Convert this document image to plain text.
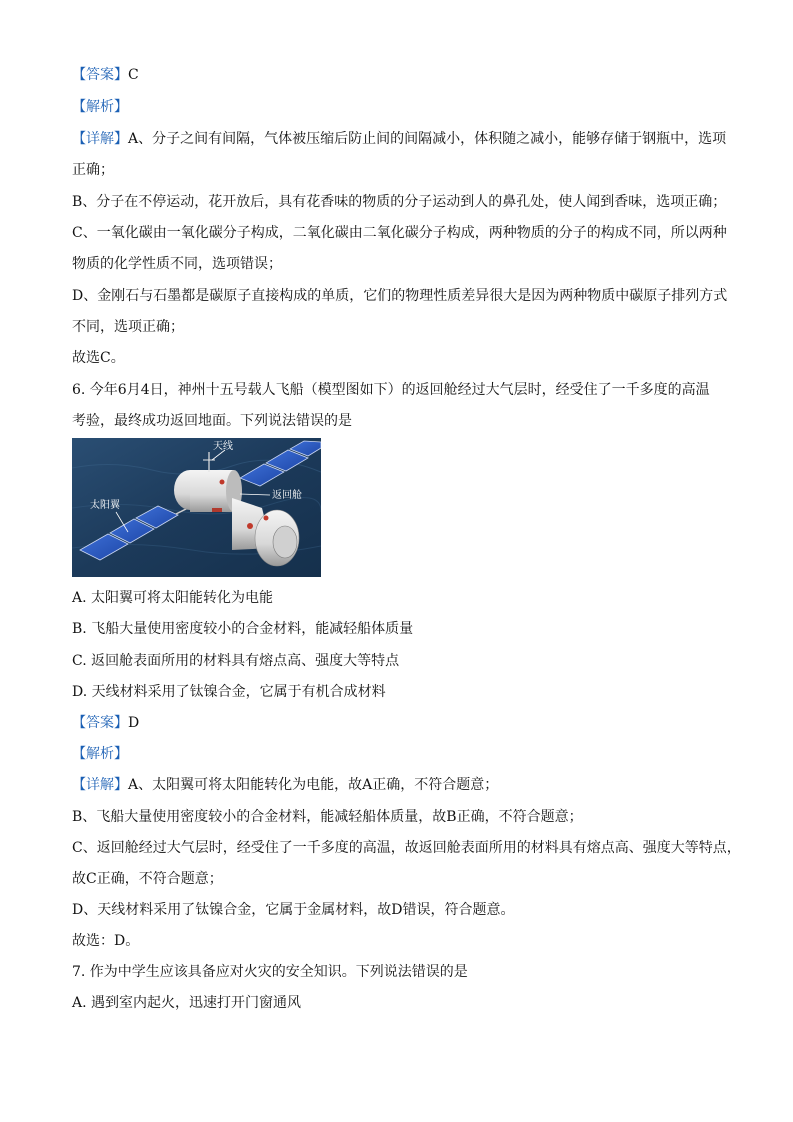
【答案】C
【解析】
【详解】A、分子之间有间隔，气体被压缩后防止间的间隔减小，体积随之减小，能够存储于钢瓶中，选项
正确；
B、分子在不停运动，花开放后，具有花香味的物质的分子运动到人的鼻孔处，使人闻到香味，选项正确；
C、一氧化碳由一氧化碳分子构成，二氧化碳由二氧化碳分子构成，两种物质的分子的构成不同，所以两种
物质的化学性质不同，选项错误；
D、金刚石与石墨都是碳原子直接构成的单质，它们的物理性质差异很大是因为两种物质中碳原子排列方式
不同，选项正确；
故选C。
6. 今年6月4日，神州十五号载人飞船（模型图如下）的返回舱经过大气层时，经受住了一千多度的高温
考验，最终成功返回地面。下列说法错误的是
天线
返回舱
太阳翼
A. 太阳翼可将太阳能转化为电能
B. 飞船大量使用密度较小的合金材料，能减轻船体质量
C. 返回舱表面所用的材料具有熔点高、强度大等特点
D. 天线材料采用了钛镍合金，它属于有机合成材料
【答案】D
【解析】
【详解】A、太阳翼可将太阳能转化为电能，故A正确，不符合题意；
B、飞船大量使用密度较小的合金材料，能减轻船体质量，故B正确，不符合题意；
C、返回舱经过大气层时，经受住了一千多度的高温，故返回舱表面所用的材料具有熔点高、强度大等特点，
故C正确，不符合题意；
D、天线材料采用了钛镍合金，它属于金属材料，故D错误，符合题意。
故选：D。
7. 作为中学生应该具备应对火灾的安全知识。下列说法错误的是
A. 遇到室内起火，迅速打开门窗通风
